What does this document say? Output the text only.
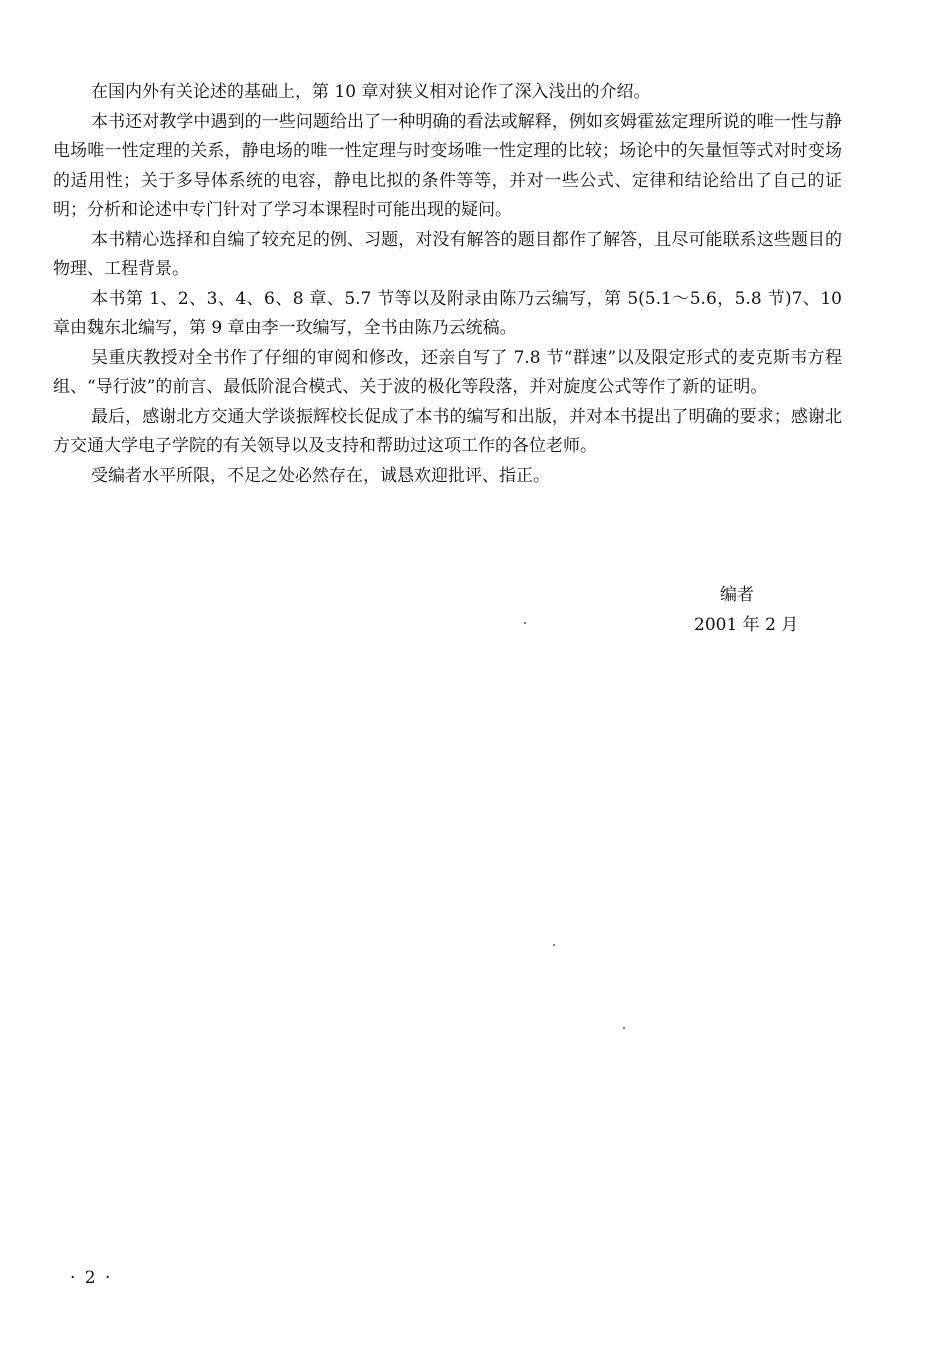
在国内外有关论述的基础上，第 10 章对狭义相对论作了深入浅出的介绍。

本书还对教学中遇到的一些问题给出了一种明确的看法或解释，例如亥姆霍兹定理所说的唯一性与静电场唯一性定理的关系，静电场的唯一性定理与时变场唯一性定理的比较；场论中的矢量恒等式对时变场的适用性；关于多导体系统的电容，静电比拟的条件等等，并对一些公式、定律和结论给出了自己的证明；分析和论述中专门针对了学习本课程时可能出现的疑问。

本书精心选择和自编了较充足的例、习题，对没有解答的题目都作了解答，且尽可能联系这些题目的物理、工程背景。

本书第 1、2、3、4、6、8 章、5.7 节等以及附录由陈乃云编写，第 5(5.1～5.6，5.8 节)7、10 章由魏东北编写，第 9 章由李一玫编写，全书由陈乃云统稿。

吴重庆教授对全书作了仔细的审阅和修改，还亲自写了 7.8 节“群速”以及限定形式的麦克斯韦方程组、“导行波”的前言、最低阶混合模式、关于波的极化等段落，并对旋度公式等作了新的证明。

最后，感谢北方交通大学谈振辉校长促成了本书的编写和出版，并对本书提出了明确的要求；感谢北方交通大学电子学院的有关领导以及支持和帮助过这项工作的各位老师。

受编者水平所限，不足之处必然存在，诚恳欢迎批评、指正。

编者
2001 年 2 月
· 2 ·
